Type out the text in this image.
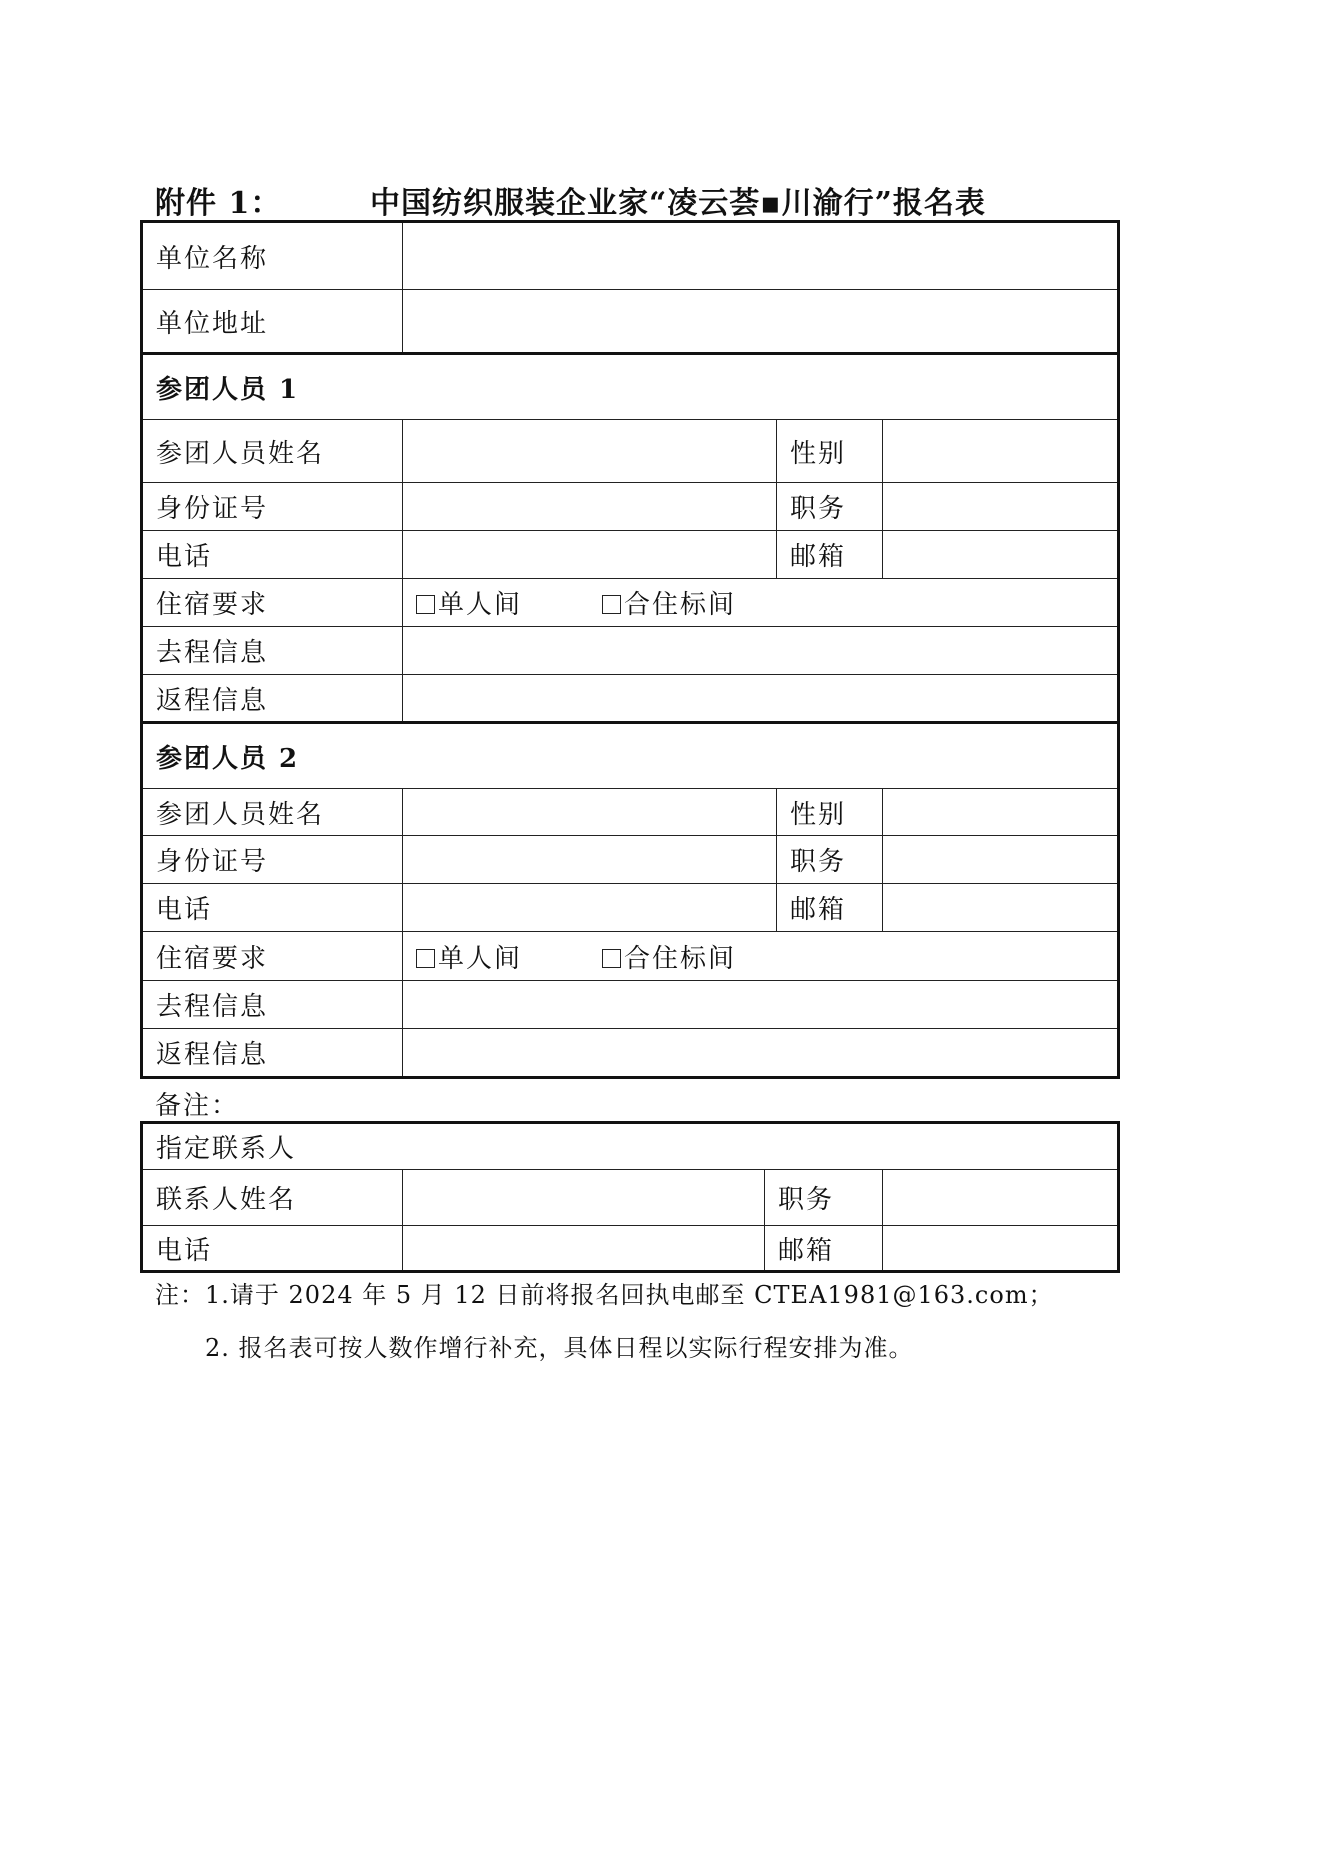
附件 1：	中国纺织服装企业家“凌云荟▪川渝行”报名表
单位名称			
单位地址			
参团人员 1			
参团人员姓名		性别	
身份证号		职务	
电话		邮箱	
住宿要求	单人间 合住标间		
去程信息			
返程信息			
参团人员 2			
参团人员姓名		性别	
身份证号		职务	
电话		邮箱	
住宿要求	单人间 合住标间		
去程信息			
返程信息			
备注：
指定联系人			
联系人姓名		职务	
电话		邮箱	
注：1.请于 2024 年 5 月 12 日前将报名回执电邮至 CTEA1981@163.com；
2. 报名表可按人数作增行补充，具体日程以实际行程安排为准。
